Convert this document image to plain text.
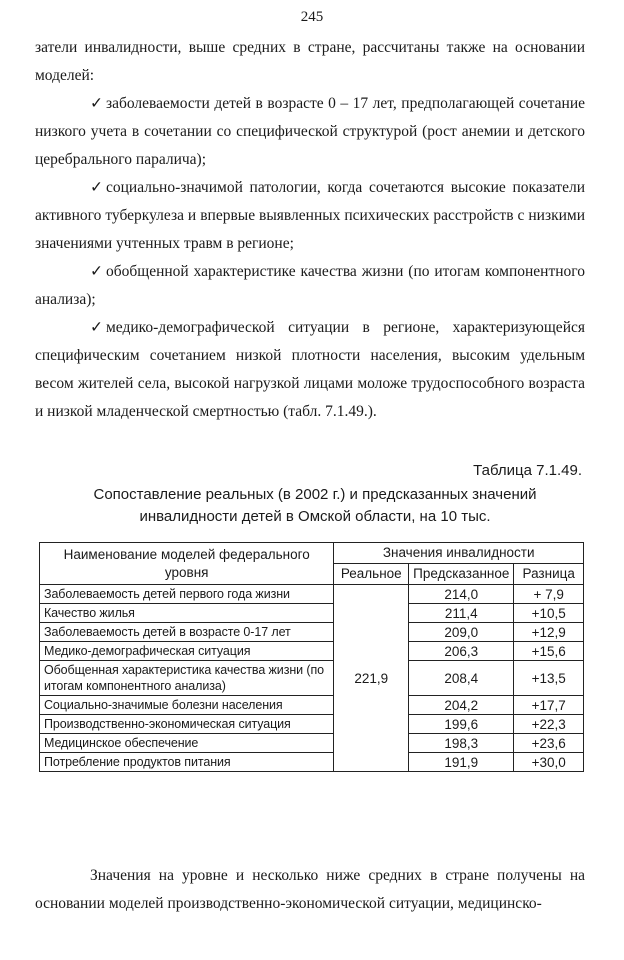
245

затели инвалидности, выше средних в стране, рассчитаны также на основании моделей:

✓ заболеваемости детей в возрасте 0 – 17 лет, предполагающей сочетание низкого учета в сочетании со специфической структурой (рост анемии и детского церебрального паралича);

✓ социально-значимой патологии, когда сочетаются высокие показатели активного туберкулеза и впервые выявленных психических расстройств с низкими значениями учтенных травм в регионе;

✓ обобщенной характеристике качества жизни (по итогам компонентного анализа);

✓ медико-демографической ситуации в регионе, характеризующейся специфическим сочетанием низкой плотности населения, высоким удельным весом жителей села, высокой нагрузкой лицами моложе трудоспособного возраста и низкой младенческой смертностью (табл. 7.1.49.).

Таблица 7.1.49.
Сопоставление реальных (в 2002 г.) и предсказанных значений инвалидности детей в Омской области, на 10 тыс.
Наименование моделей федерального уровня	Значения инвалидности		
	Реальное	Предсказанное	Разница
Заболеваемость детей первого года жизни	221,9	214,0	+ 7,9
Качество жилья		211,4	+10,5
Заболеваемость детей в возрасте 0-17 лет		209,0	+12,9
Медико-демографическая ситуация		206,3	+15,6
Обобщенная характеристика качества жизни (по итогам компонентного анализа)		208,4	+13,5
Социально-значимые болезни населения		204,2	+17,7
Производственно-экономическая ситуация		199,6	+22,3
Медицинское обеспечение		198,3	+23,6
Потребление продуктов питания		191,9	+30,0

Значения на уровне и несколько ниже средних в стране получены на основании моделей производственно-экономической ситуации, медицинско-
